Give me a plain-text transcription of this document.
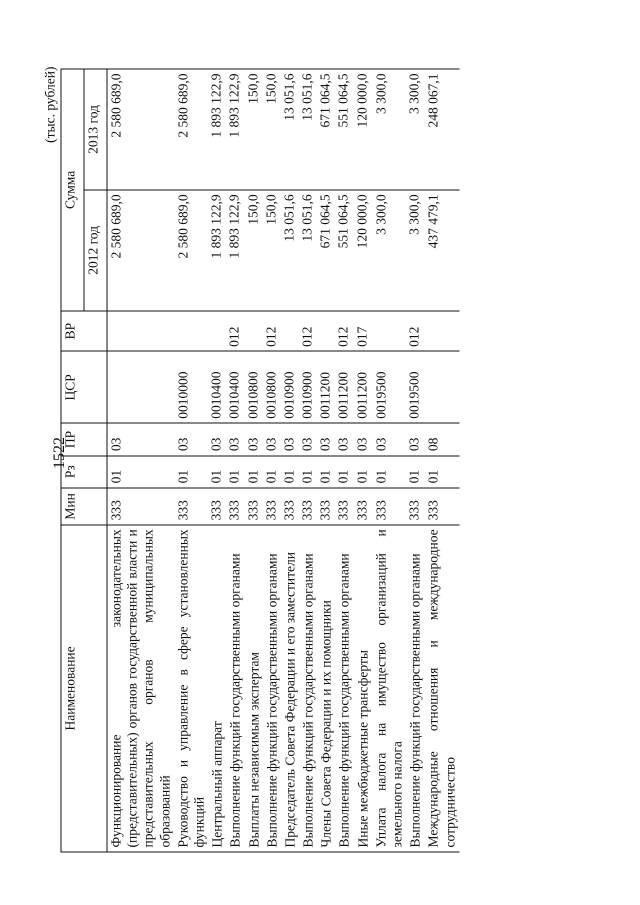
1522
(тыс. рублей)
Наименование	Мин	Рз	ПР	ЦСР	ВР	Сумма	
						2012 год	2013 год
Функционирование законодательных (представительных) органов государственной власти и представительных органов муниципальных образований	333	01	03			2 580 689,0	2 580 689,0
Руководство и управление в сфере установленных функций	333	01	03	0010000		2 580 689,0	2 580 689,0
Центральный аппарат	333	01	03	0010400		1 893 122,9	1 893 122,9
Выполнение функций государственными органами	333	01	03	0010400	012	1 893 122,9	1 893 122,9
Выплаты независимым экспертам	333	01	03	0010800		150,0	150,0
Выполнение функций государственными органами	333	01	03	0010800	012	150,0	150,0
Председатель Совета Федерации и его заместители	333	01	03	0010900		13 051,6	13 051,6
Выполнение функций государственными органами	333	01	03	0010900	012	13 051,6	13 051,6
Члены Совета Федерации и их помощники	333	01	03	0011200		671 064,5	671 064,5
Выполнение функций государственными органами	333	01	03	0011200	012	551 064,5	551 064,5
Иные межбюджетные трансферты	333	01	03	0011200	017	120 000,0	120 000,0
Уплата налога на имущество организаций и земельного налога	333	01	03	0019500		3 300,0	3 300,0
Выполнение функций государственными органами	333	01	03	0019500	012	3 300,0	3 300,0
Международные отношения и международное сотрудничество	333	01	08			437 479,1	248 067,1
